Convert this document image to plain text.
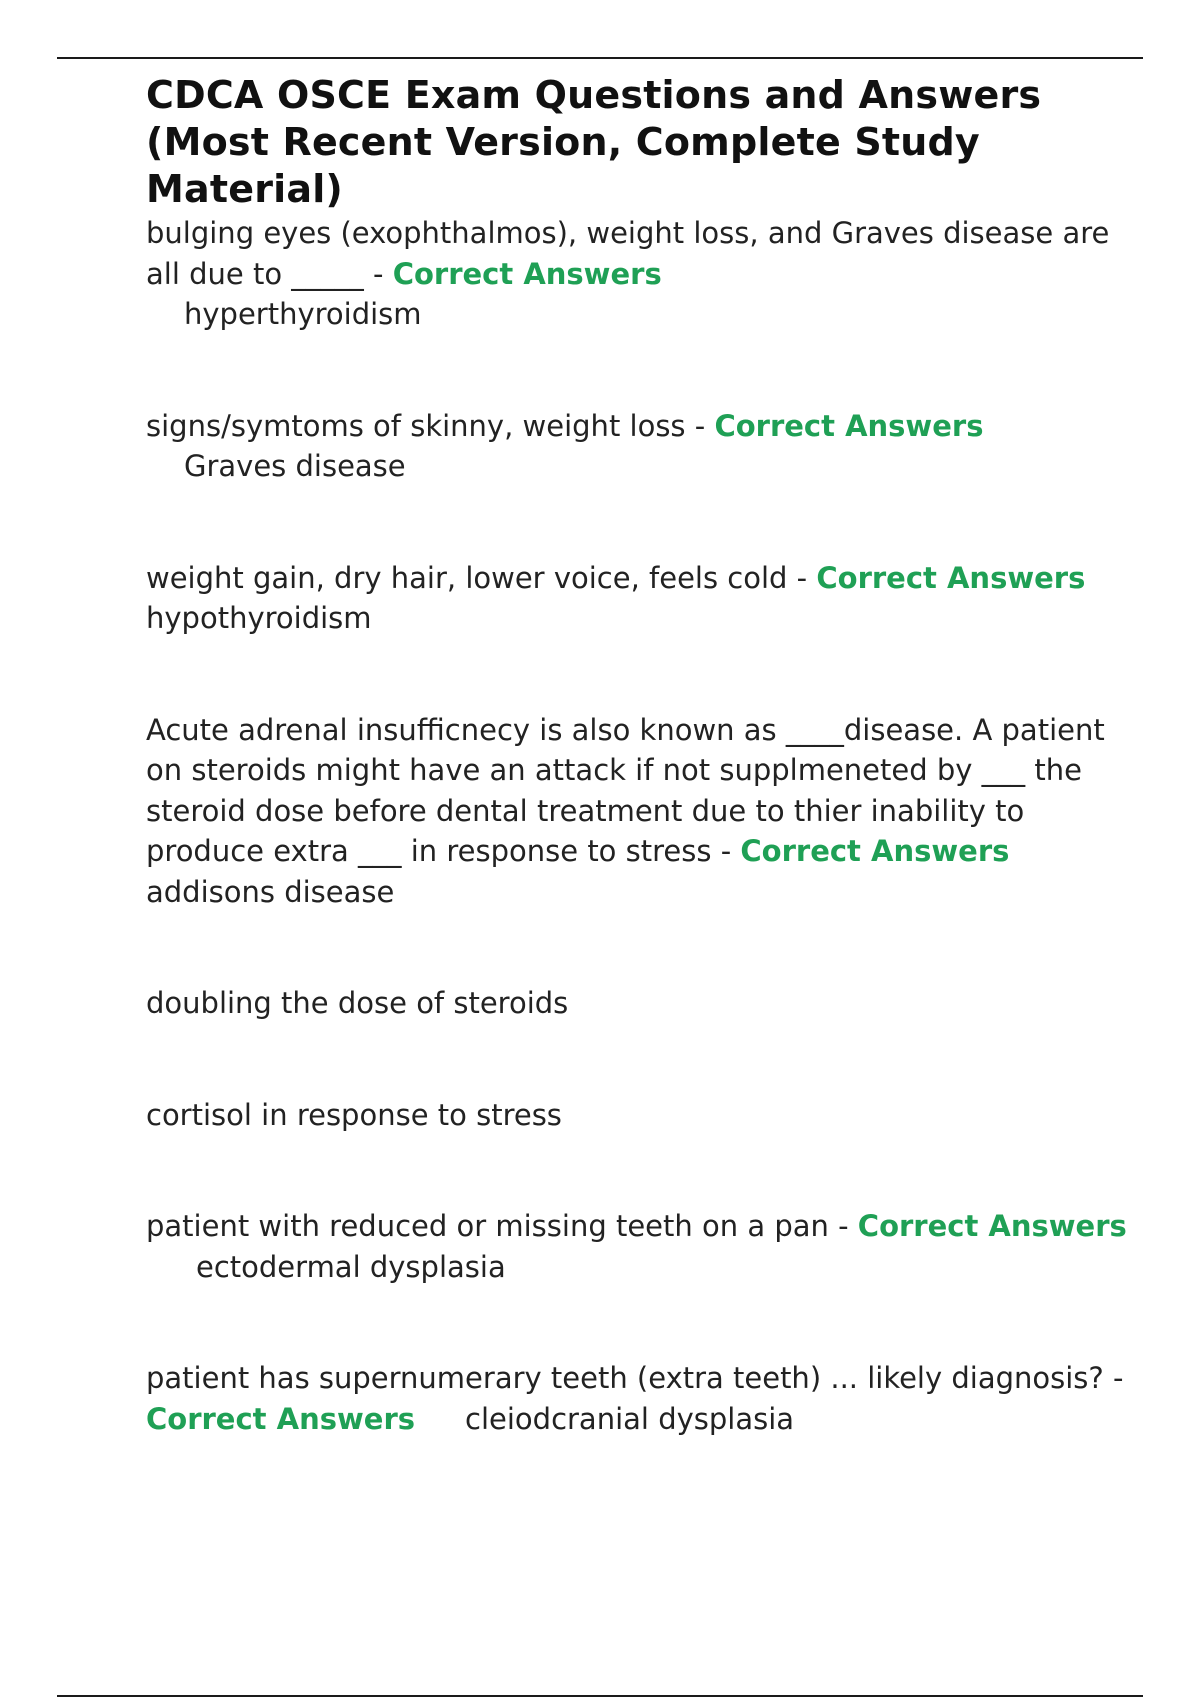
CDCA OSCE Exam Questions and Answers (Most Recent Version, Complete Study Material)

bulging eyes (exophthalmos), weight loss, and Graves disease are all due to _____ - Correct Answers
hyperthyroidism

signs/symtoms of skinny, weight loss - Correct Answers
Graves disease

weight gain, dry hair, lower voice, feels cold - Correct Answershypothyroidism

Acute adrenal insufficnecy is also known as ____disease. A patient on steroids might have an attack if not supplmeneted by ___ the steroid dose before dental treatment due to thier inability to produce extra ___ in response to stress - Correct Answersaddisons disease

doubling the dose of steroids

cortisol in response to stress

patient with reduced or missing teeth on a pan - Correct Answersectodermal dysplasia

patient has supernumerary teeth (extra teeth) ... likely diagnosis? - Correct Answers cleiodcranial dysplasia
